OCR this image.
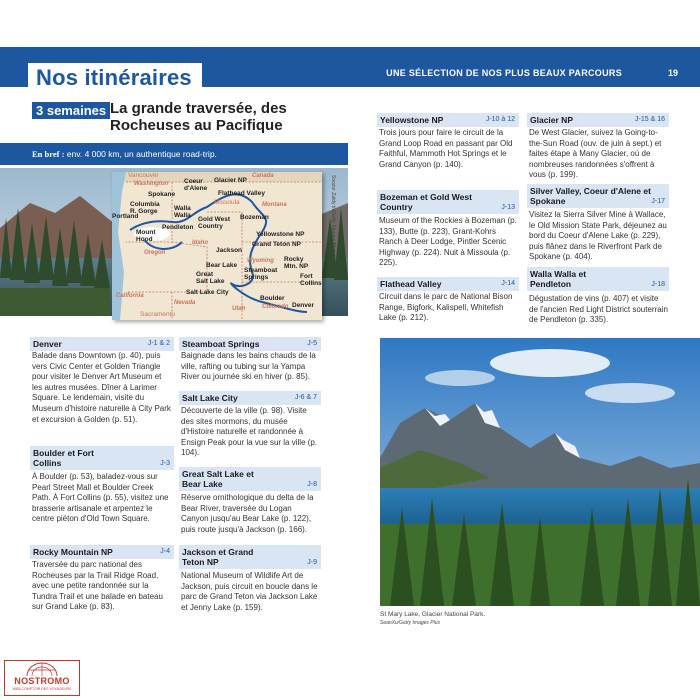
Nos itinéraires	UNE SÉLECTION DE NOS PLUS BEAUX PARCOURS	19
3 semaines La grande traversée, des Rocheuses au Pacifique
En bref : env. 4 000 km, un authentique road-trip.
Canada
Washington
Montana
Idaho
Oregon
Wyoming
California
Nevada
Utah	Colorado
Vancouver
Spokane
Coeur d'Alene
Glacier NP
Flathead Valley
Missoula
Bozeman
Columbia R. Gorge	Walla Walla
Portland
Mount Hood
Pendleton
Gold West Country
Yellowstone NP
Grand Teton NP
Jackson
Bear Lake
Great Salt Lake
Salt Lake City
Steamboat Springs
Rocky Mtn. NP
Fort Collins
Boulder
Denver
Sacramento
Soozor Zaldy In/Getty Images Plus
Denver	J-1 & 2
Balade dans Downtown (p. 40), puis vers Civic Center et Golden Triangle pour visiter le Denver Art Museum et les autres musées. Dîner à Larimer Square. Le lendemain, visite du Museum d'histoire naturelle à City Park et excursion à Golden (p. 51).
Boulder et Fort Collins	J-3
À Boulder (p. 53), baladez-vous sur Pearl Street Mall et Boulder Creek Path. À Fort Collins (p. 55), visitez une brasserie artisanale et arpentez le centre piéton d'Old Town Square.
Rocky Mountain NP	J-4
Traversée du parc national des Rocheuses par la Trail Ridge Road, avec une petite randonnée sur la Tundra Trail et une balade en bateau sur Grand Lake (p. 83).
Steamboat Springs	J-5
Baignade dans les bains chauds de la ville, rafting ou tubing sur la Yampa River ou journée ski en hiver (p. 85).
Salt Lake City	J-6 & 7
Découverte de la ville (p. 98). Visite des sites mormons, du musée d'Histoire naturelle et randonnée à Ensign Peak pour la vue sur la ville (p. 104).
Great Salt Lake et Bear Lake	J-8
Réserve ornithologique du delta de la Bear River, traversée du Logan Canyon jusqu'au Bear Lake (p. 122), puis route jusqu'à Jackson (p. 166).
Jackson et Grand Teton NP	J-9
National Museum of Wildlife Art de Jackson, puis circuit en boucle dans le parc de Grand Teton via Jackson Lake et Jenny Lake (p. 159).
Yellowstone NP	J-10 à 12
Trois jours pour faire le circuit de la Grand Loop Road en passant par Old Faithful, Mammoth Hot Springs et le Grand Canyon (p. 140).
Bozeman et Gold West Country	J-13
Museum of the Rockies à Bozeman (p. 133), Butte (p. 223), Grant-Kohrs Ranch à Deer Lodge, Pintler Scenic Highway (p. 224). Nuit à Missoula (p. 225).
Flathead Valley	J-14
Circuit dans le parc de National Bison Range, Bigfork, Kalispell, Whitefish Lake (p. 212).
Glacier NP	J-15 & 16
De West Glacier, suivez la Going-to-the-Sun Road (ouv. de juin à sept.) et faites étape à Many Glacier, où de nombreuses randonnées s'offrent à vous (p. 199).
Silver Valley, Coeur d'Alene et Spokane	J-17
Visitez la Sierra Silver Mine à Wallace, le Old Mission State Park, déjeunez au bord du Coeur d'Alene Lake (p. 229), puis flânez dans le Riverfront Park de Spokane (p. 404).
Walla Walla et Pendleton	J-18
Dégustation de vins (p. 407) et visite de l'ancien Red Light District souterrain de Pendleton (p. 335).
St Mary Lake, Glacier National Park.
SeanXu/Getty Images Plus
NOSTROMO
WEB COMPTOIR DES VOYAGEURS
